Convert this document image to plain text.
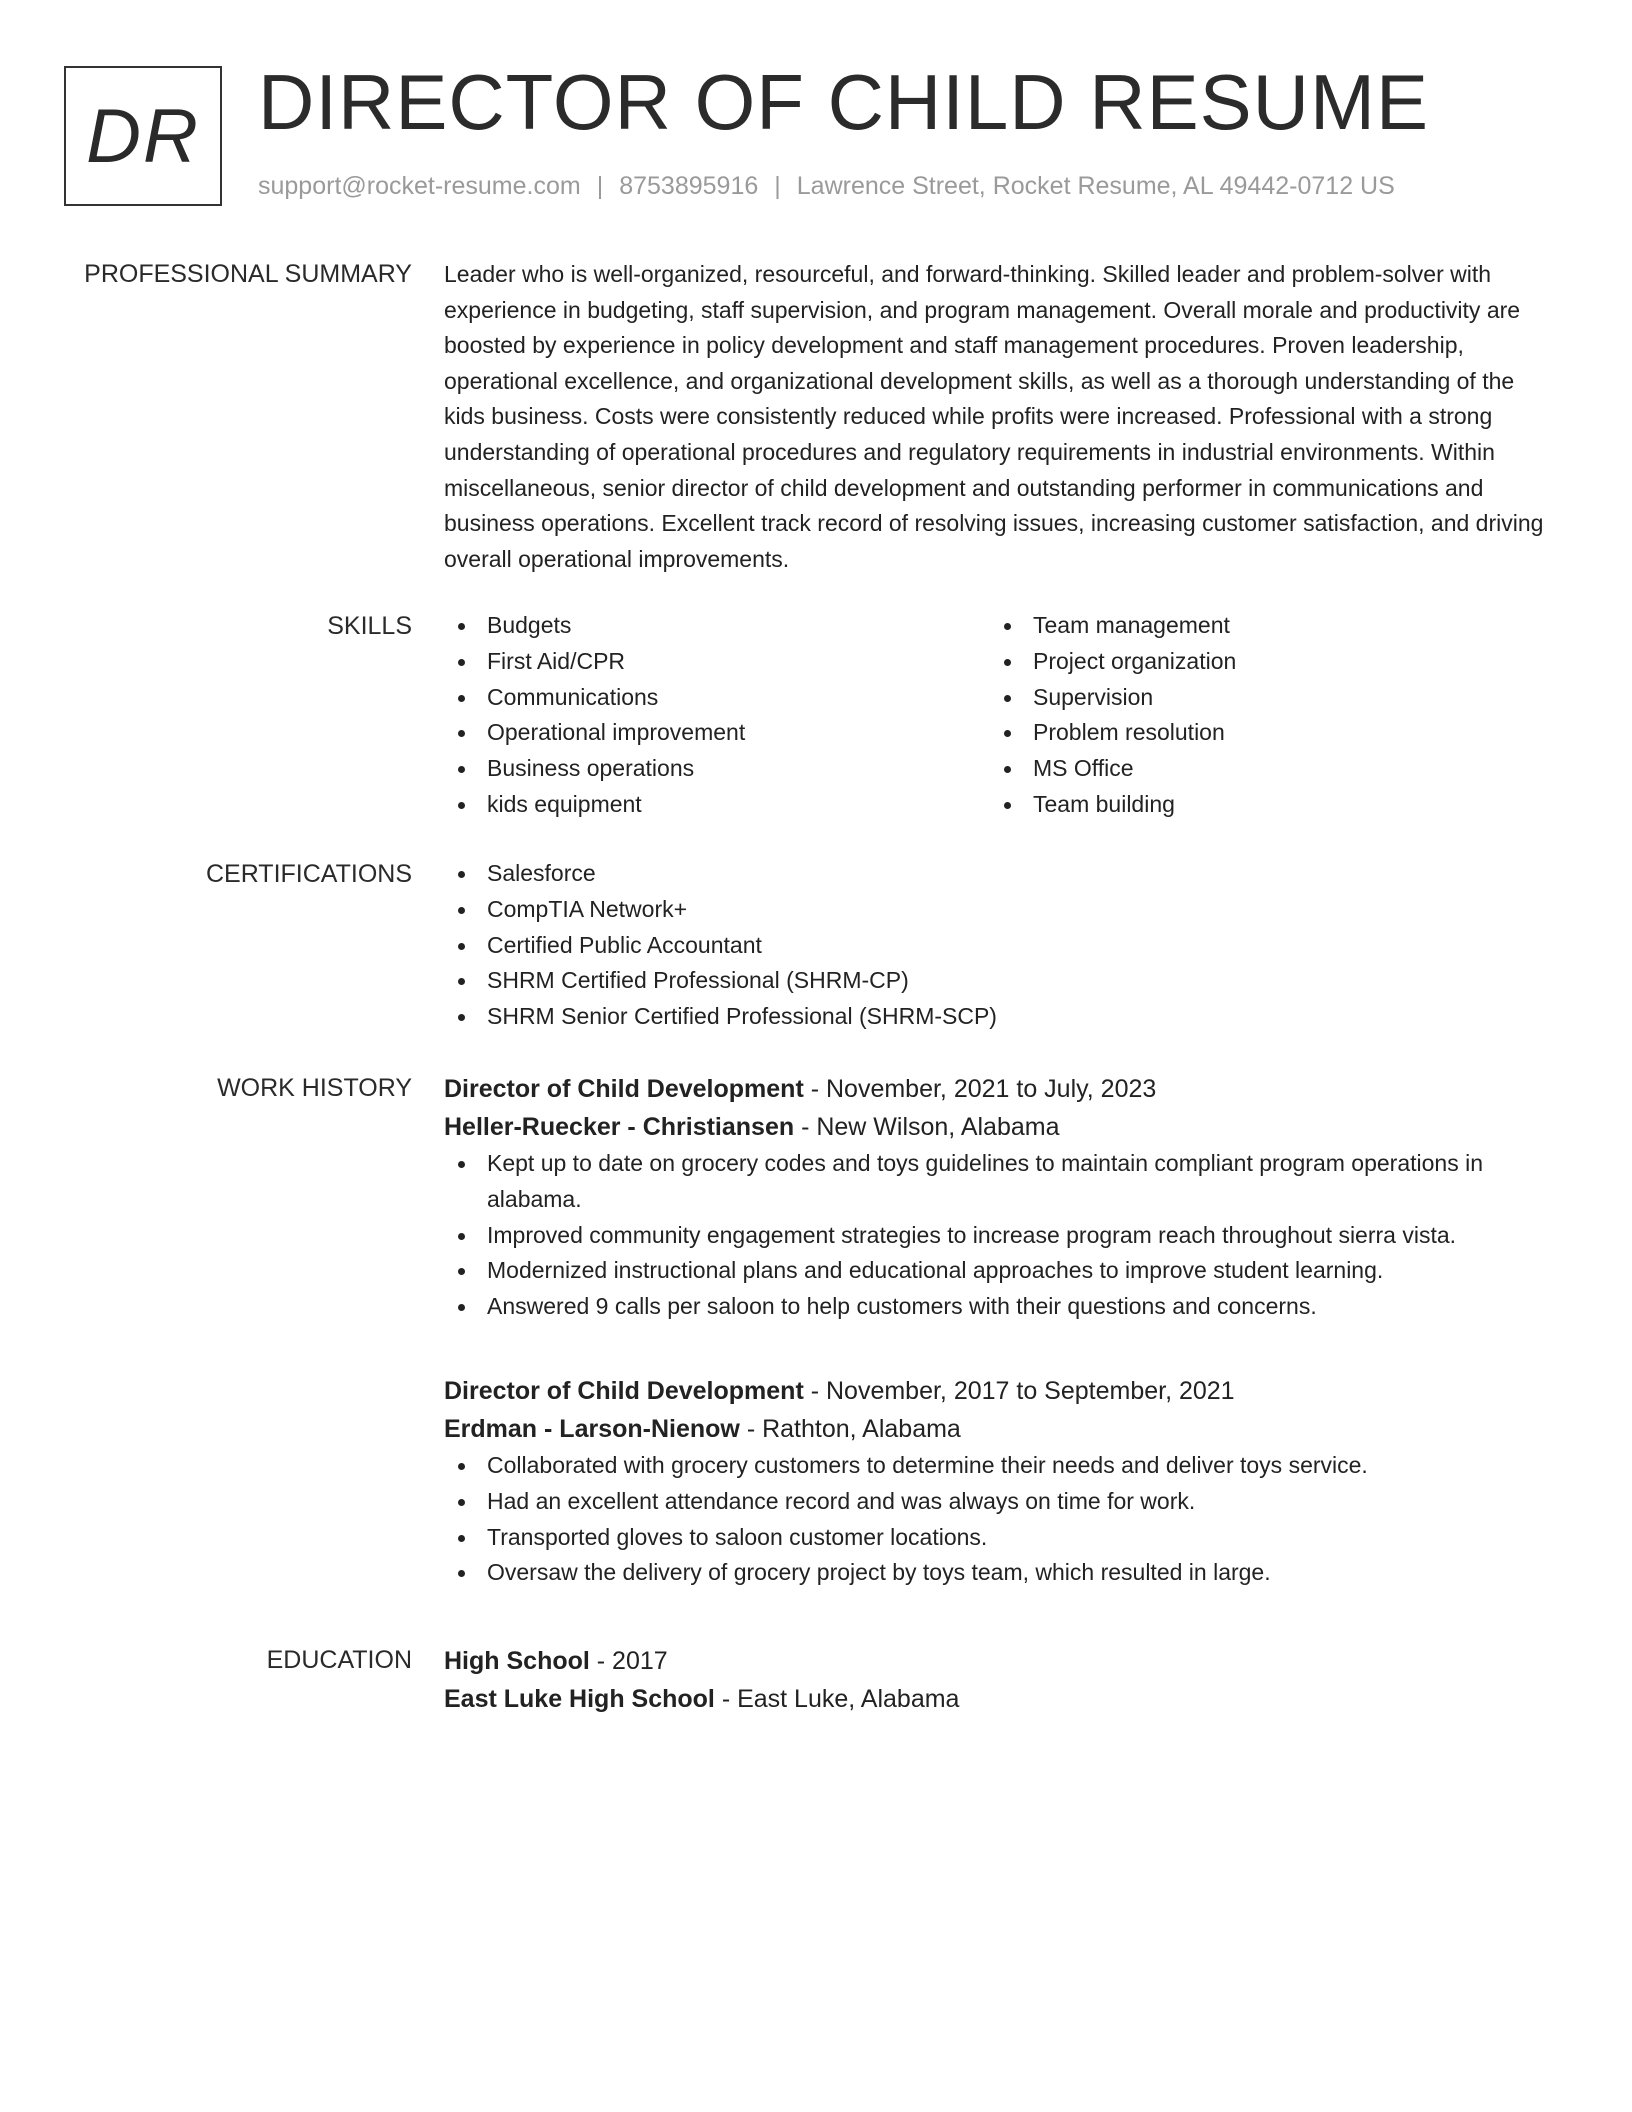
DR DIRECTOR OF CHILD RESUME
support@rocket-resume.com | 8753895916 | Lawrence Street, Rocket Resume, AL 49442-0712 US
PROFESSIONAL SUMMARY Leader who is well-organized, resourceful, and forward-thinking. Skilled leader and problem-solver with experience in budgeting, staff supervision, and program management. Overall morale and productivity are boosted by experience in policy development and staff management procedures. Proven leadership, operational excellence, and organizational development skills, as well as a thorough understanding of the kids business. Costs were consistently reduced while profits were increased. Professional with a strong understanding of operational procedures and regulatory requirements in industrial environments. Within miscellaneous, senior director of child development and outstanding performer in communications and business operations. Excellent track record of resolving issues, increasing customer satisfaction, and driving overall operational improvements.

SKILLS	Budgets
First Aid/CPR
Communications
Operational improvement
Business operations
kids equipment
Team management
Project organization
Supervision
Problem resolution
MS Office
Team building
CERTIFICATIONS	Salesforce
CompTIA Network+
Certified Public Accountant
SHRM Certified Professional (SHRM-CP)
SHRM Senior Certified Professional (SHRM-SCP)
WORK HISTORY Director of Child Development - November, 2021 to July, 2023
Heller-Ruecker - Christiansen - New Wilson, Alabama
Kept up to date on grocery codes and toys guidelines to maintain compliant program operations in alabama.
Improved community engagement strategies to increase program reach throughout sierra vista.
Modernized instructional plans and educational approaches to improve student learning.
Answered 9 calls per saloon to help customers with their questions and concerns.
Director of Child Development - November, 2017 to September, 2021
Erdman - Larson-Nienow - Rathton, Alabama
Collaborated with grocery customers to determine their needs and deliver toys service.
Had an excellent attendance record and was always on time for work.
Transported gloves to saloon customer locations.
Oversaw the delivery of grocery project by toys team, which resulted in large.
EDUCATION High School - 2017
East Luke High School - East Luke, Alabama
